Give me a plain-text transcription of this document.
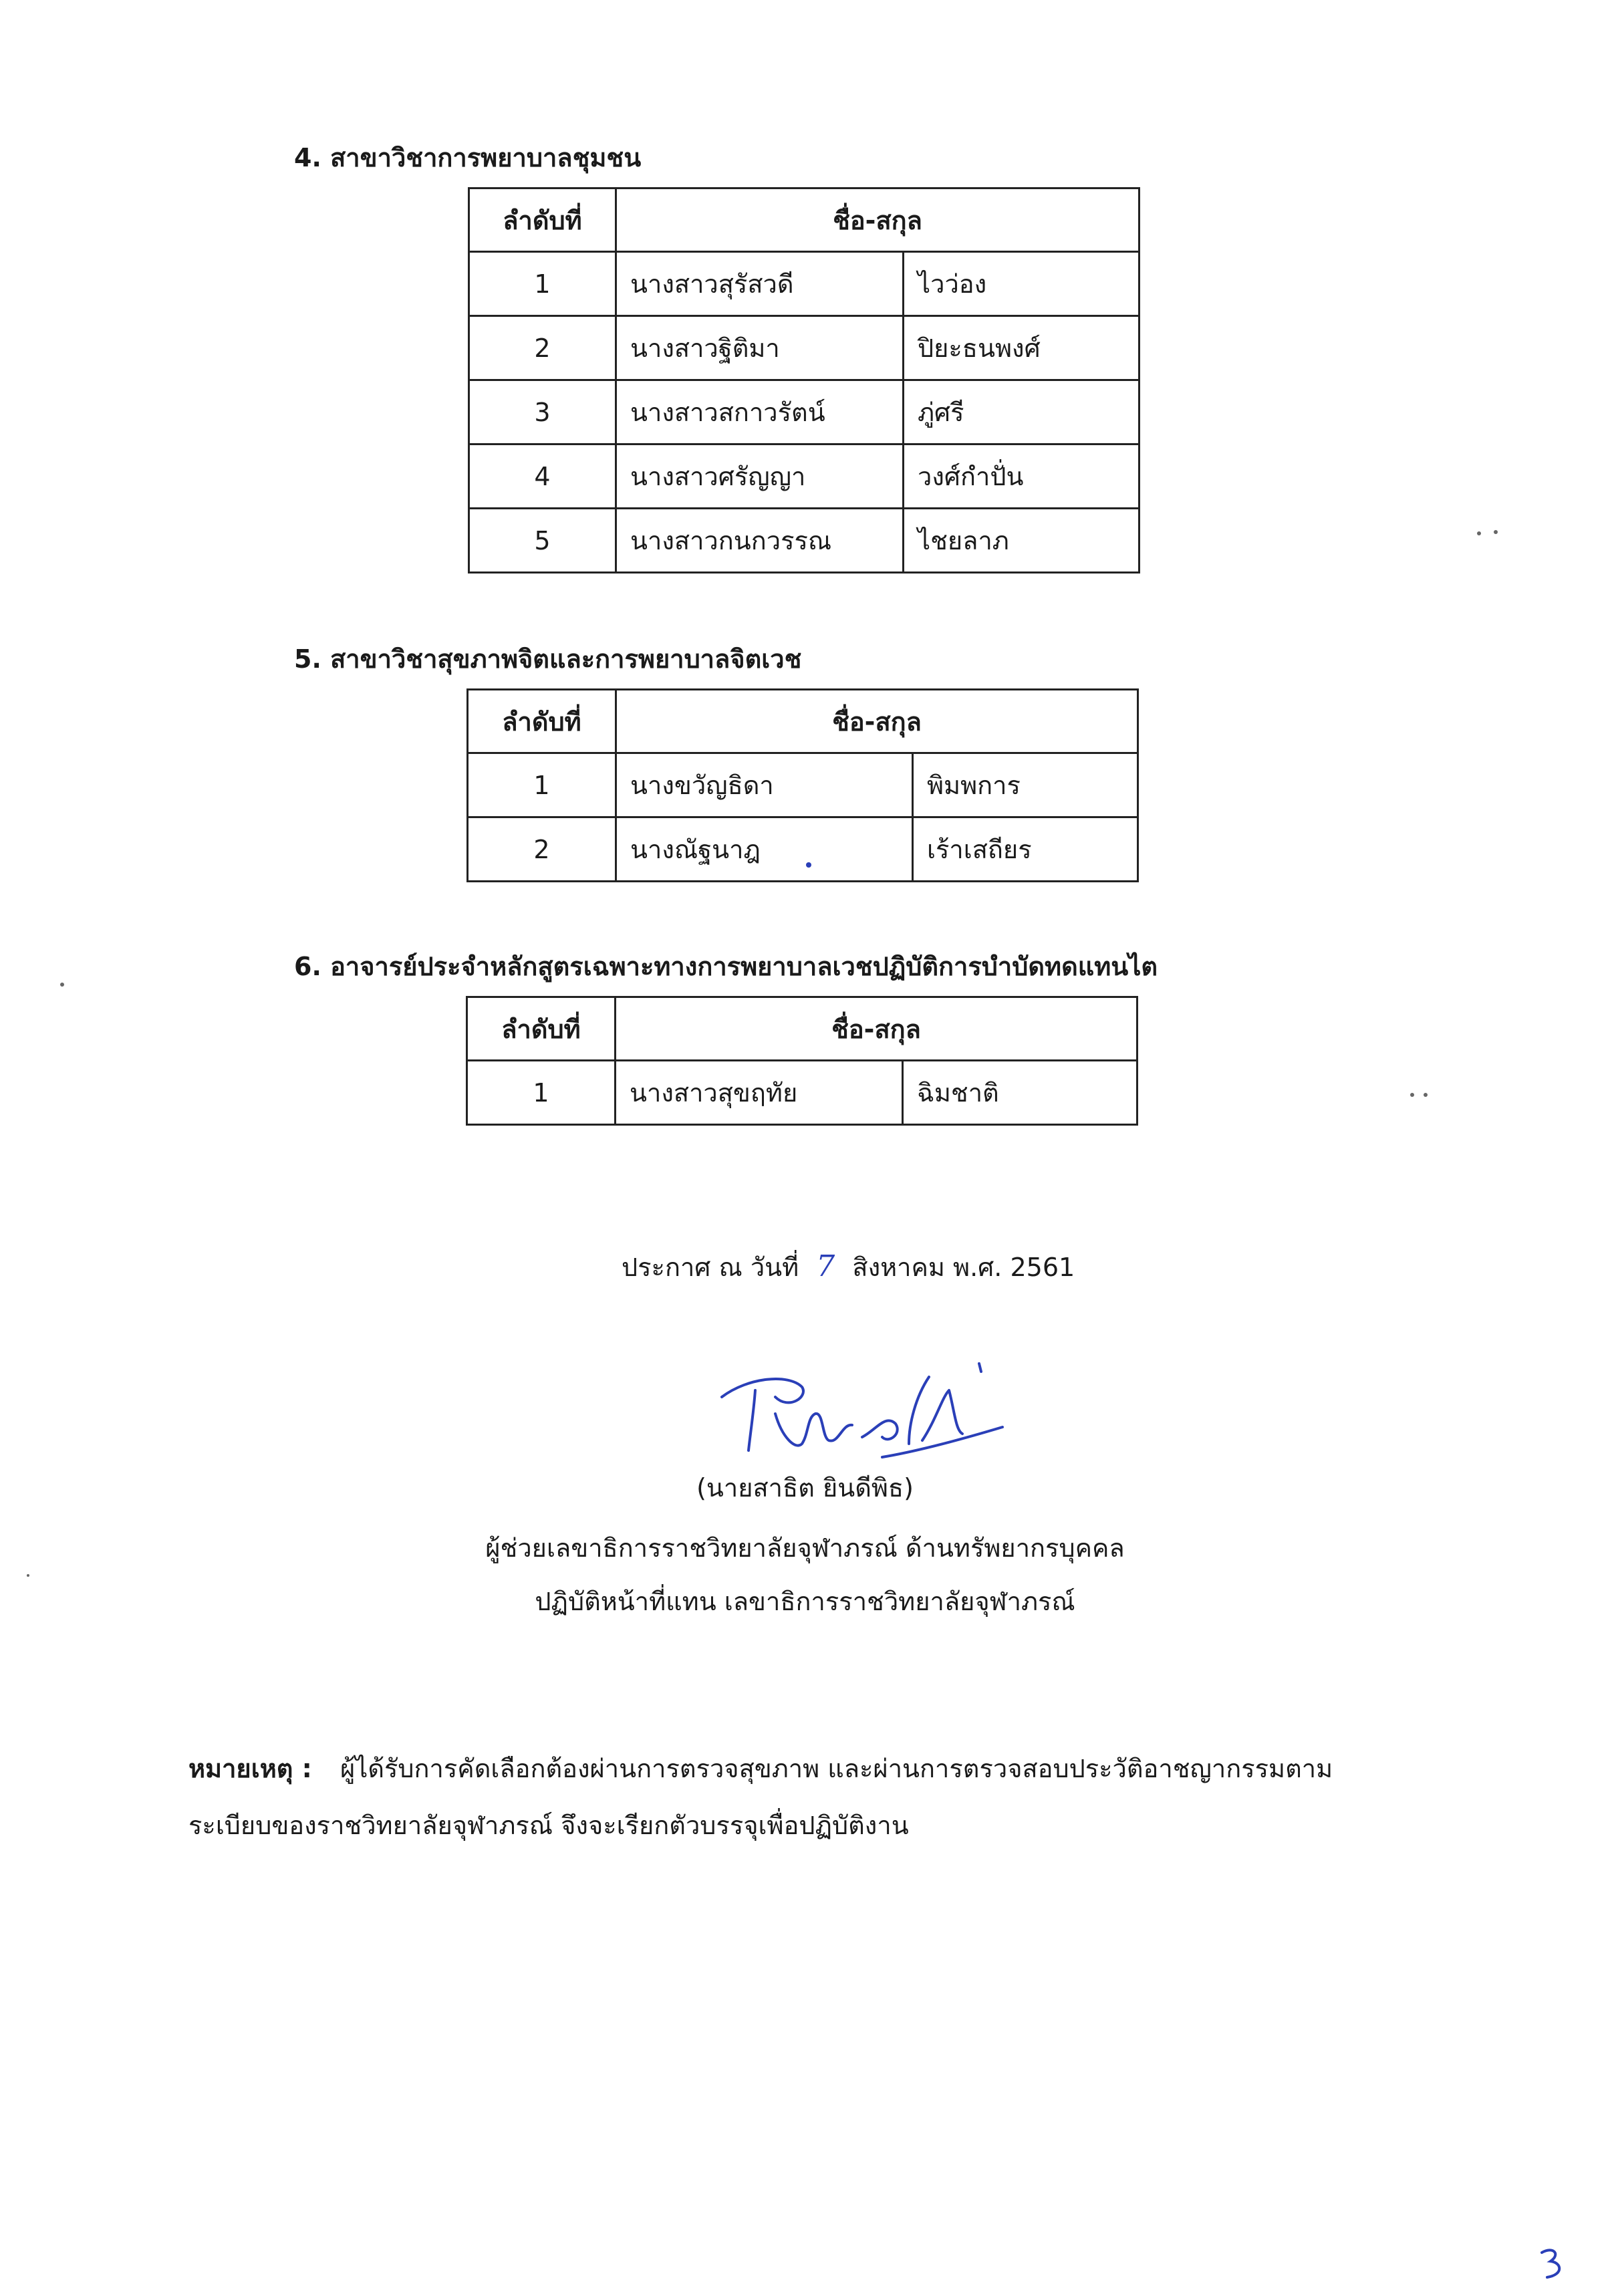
4. สาขาวิชาการพยาบาลชุมชน
ลำดับที่	ชื่อ-สกุล	
1	นางสาวสุรัสวดี	ไวว่อง
2	นางสาวฐิติมา	ปิยะธนพงศ์
3	นางสาวสกาวรัตน์	ภู่ศรี
4	นางสาวศรัญญา	วงศ์กำปั่น
5	นางสาวกนกวรรณ	ไชยลาภ
5. สาขาวิชาสุขภาพจิตและการพยาบาลจิตเวช
ลำดับที่	ชื่อ-สกุล	
1	นางขวัญธิดา	พิมพการ
2	นางณัฐนาฎ	เร้าเสถียร
6. อาจารย์ประจำหลักสูตรเฉพาะทางการพยาบาลเวชปฏิบัติการบำบัดทดแทนไต
ลำดับที่	ชื่อ-สกุล	
1	นางสาวสุขฤทัย	ฉิมชาติ
ประกาศ ณ วันที่ 7 สิงหาคม พ.ศ. 2561
(นายสาธิต ยินดีพิธ)
ผู้ช่วยเลขาธิการราชวิทยาลัยจุฬาภรณ์ ด้านทรัพยากรบุคคล
ปฏิบัติหน้าที่แทน เลขาธิการราชวิทยาลัยจุฬาภรณ์
หมายเหตุ : ผู้ได้รับการคัดเลือกต้องผ่านการตรวจสุขภาพ และผ่านการตรวจสอบประวัติอาชญากรรมตาม
ระเบียบของราชวิทยาลัยจุฬาภรณ์ จึงจะเรียกตัวบรรจุเพื่อปฏิบัติงาน
